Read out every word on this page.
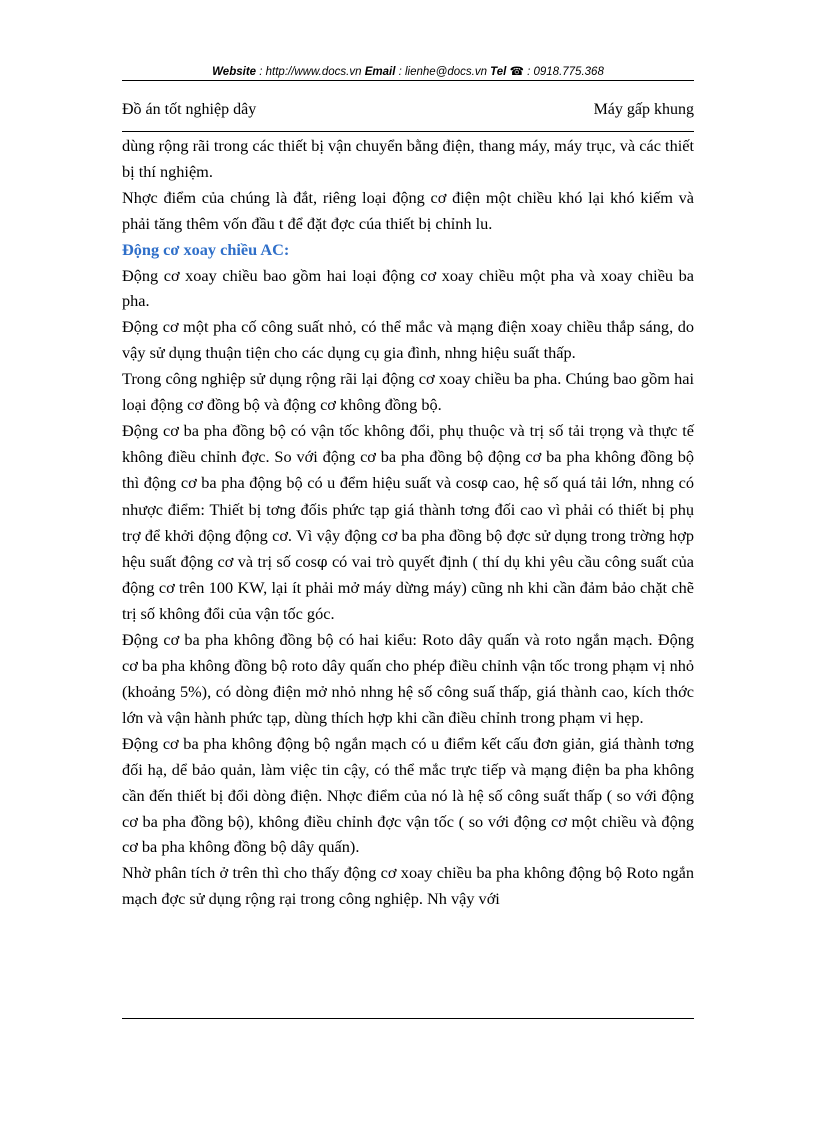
Website : http://www.docs.vn Email : lienhe@docs.vn Tel ☎ : 0918.775.368
Đồ án tốt nghiệp dây	Máy gấp khung

dùng rộng rãi trong các thiết bị vận chuyển bằng điện, thang máy, máy trục, và các thiết bị thí nghiệm.

Nhợc điểm của chúng là đắt, riêng loại động cơ điện một chiều khó lại khó kiếm và phải tăng thêm vốn đầu t để đặt đợc cúa thiết bị chỉnh lu.

Động cơ xoay chiều AC:

Động cơ xoay chiều bao gồm hai loại động cơ xoay chiều một pha và xoay chiều ba pha.

Động cơ một pha cố công suất nhỏ, có thể mắc và mạng điện xoay chiều thắp sáng, do vậy sử dụng thuận tiện cho các dụng cụ gia đình, nhng hiệu suất thấp.

Trong công nghiệp sử dụng rộng rãi lại động cơ xoay chiều ba pha. Chúng bao gồm hai loại động cơ đồng bộ và động cơ không đồng bộ.

Động cơ ba pha đồng bộ có vận tốc không đổi, phụ thuộc và trị số tải trọng và thực tế không điều chỉnh đợc. So với động cơ ba pha đồng bộ động cơ ba pha không đồng bộ thì động cơ ba pha động bộ có u đểm hiệu suất và cosφ cao, hệ số quá tải lớn, nhng có nhược điểm: Thiết bị tơng đốis phức tạp giá thành tơng đối cao vì phải có thiết bị phụ trợ để khởi động động cơ. Vì vậy động cơ ba pha đồng bộ đợc sử dụng trong trờng hợp hệu suất động cơ và trị số cosφ có vai trò quyết định ( thí dụ khi yêu cầu công suất của động cơ trên 100 KW, lại ít phải mở máy dừng máy) cũng nh khi cần đảm bảo chặt chẽ trị số không đổi của vận tốc góc.

Động cơ ba pha không đồng bộ có hai kiểu: Roto dây quấn và roto ngắn mạch. Động cơ ba pha không đồng bộ roto dây quấn cho phép điều chỉnh vận tốc trong phạm vị nhỏ (khoảng 5%), có dòng điện mở nhỏ nhng hệ số công suấ thấp, giá thành cao, kích thớc lớn và vận hành phức tạp, dùng thích hợp khi cần điều chỉnh trong phạm vi hẹp.

Động cơ ba pha không động bộ ngắn mạch có u điểm kết cấu đơn giản, giá thành tơng đối hạ, dể bảo quản, làm việc tin cậy, có thể mắc trực tiếp và mạng điện ba pha không cần đến thiết bị đổi dòng điện. Nhợc điểm của nó là hệ số công suất thấp ( so với động cơ ba pha đồng bộ), không điều chỉnh đợc vận tốc ( so với động cơ một chiều và động cơ ba pha không đồng bộ dây quấn).

Nhờ phân tích ở trên thì cho thấy động cơ xoay chiều ba pha không động bộ Roto ngắn mạch đợc sử dụng rộng rại trong công nghiệp. Nh vậy với
